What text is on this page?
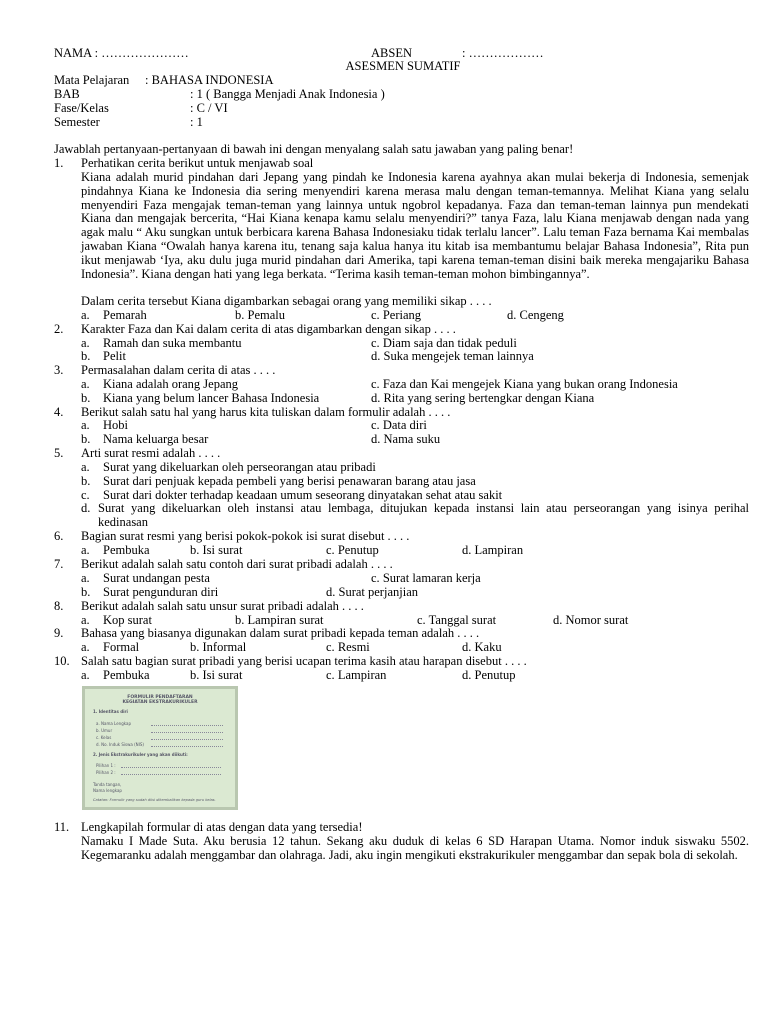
NAMA : …………………	ABSEN	: ………………
ASESMEN SUMATIF
Mata Pelajaran : BAHASA INDONESIA
BAB	: 1 ( Bangga Menjadi Anak Indonesia )
Fase/Kelas	: C / VI
Semester	: 1
Jawablah pertanyaan-pertanyaan di bawah ini dengan menyalang salah satu jawaban yang paling benar!
1. Perhatikan cerita berikut untuk menjawab soal
Kiana adalah murid pindahan dari Jepang yang pindah ke Indonesia karena ayahnya akan mulai bekerja di Indonesia, semenjak pindahnya Kiana ke Indonesia dia sering menyendiri karena merasa malu dengan teman-temannya. Melihat Kiana yang selalu menyendiri Faza mengajak teman-teman yang lainnya untuk ngobrol kepadanya. Faza dan teman-teman lainnya pun mendekati Kiana dan mengajak bercerita, “Hai Kiana kenapa kamu selalu menyendiri?” tanya Faza, lalu Kiana menjawab dengan nada yang agak malu “ Aku sungkan untuk berbicara karena Bahasa Indonesiaku tidak terlalu lancer”. Lalu teman Faza bernama Kai membalas jawaban Kiana “Owalah hanya karena itu, tenang saja kalua hanya itu kitab isa membantumu belajar Bahasa Indonesia”, Rita pun ikut menjawab ‘Iya, aku dulu juga murid pindahan dari Amerika, tapi karena teman-teman disini baik mereka mengajariku Bahasa Indonesia”. Kiana dengan hati yang lega berkata. “Terima kasih teman-teman mohon bimbingannya”.
Dalam cerita tersebut Kiana digambarkan sebagai orang yang memiliki sikap . . . .
a. Pemarah	b. Pemalu	c. Periang	d. Cengeng
2. Karakter Faza dan Kai dalam cerita di atas digambarkan dengan sikap . . . .
a. Ramah dan suka membantu	c. Diam saja dan tidak peduli
b. Pelit	d. Suka mengejek teman lainnya
3. Permasalahan dalam cerita di atas . . . .
a. Kiana adalah orang Jepang	c. Faza dan Kai mengejek Kiana yang bukan orang Indonesia
b. Kiana yang belum lancer Bahasa Indonesia	d. Rita yang sering bertengkar dengan Kiana
4. Berikut salah satu hal yang harus kita tuliskan dalam formulir adalah . . . .
a. Hobi	c. Data diri
b. Nama keluarga besar	d. Nama suku
5. Arti surat resmi adalah . . . .
a. Surat yang dikeluarkan oleh perseorangan atau pribadi
b. Surat dari penjuak kepada pembeli yang berisi penawaran barang atau jasa
c. Surat dari dokter terhadap keadaan umum seseorang dinyatakan sehat atau sakit
d. Surat yang dikeluarkan oleh instansi atau lembaga, ditujukan kepada instansi lain atau perseorangan yang isinya perihal kedinasan
6. Bagian surat resmi yang berisi pokok-pokok isi surat disebut . . . .
a. Pembuka	b. Isi surat	c. Penutup	d. Lampiran
7. Berikut adalah salah satu contoh dari surat pribadi adalah . . . .
a. Surat undangan pesta	c. Surat lamaran kerja
b. Surat pengunduran diri	d. Surat perjanjian
8. Berikut adalah salah satu unsur surat pribadi adalah . . . .
a. Kop surat	b. Lampiran surat	c. Tanggal surat	d. Nomor surat
9. Bahasa yang biasanya digunakan dalam surat pribadi kepada teman adalah . . . .
a. Formal	b. Informal	c. Resmi	d. Kaku
10. Salah satu bagian surat pribadi yang berisi ucapan terima kasih atau harapan disebut . . . .
a. Pembuka	b. Isi surat	c. Lampiran	d. Penutup
FORMULIR PENDAFTARAN
KEGIATAN EKSTRAKURIKULER
1. Identitas diri
a. Nama Lengkap
b. Umur
c. Kelas
d. No. Induk Siswa (NIS)
2. Jenis Ekstrakurikuler yang akan diikuti:
Pilihan 1 :
Pilihan 2 :
Tanda tangan,
Nama lengkap
Catatan: Formulir yang sudah diisi dikembalikan kepada guru kelas.
11. Lengkapilah formular di atas dengan data yang tersedia!
Namaku I Made Suta. Aku berusia 12 tahun. Sekang aku duduk di kelas 6 SD Harapan Utama. Nomor induk siswaku 5502. Kegemaranku adalah menggambar dan olahraga. Jadi, aku ingin mengikuti ekstrakurikuler menggambar dan sepak bola di sekolah.
